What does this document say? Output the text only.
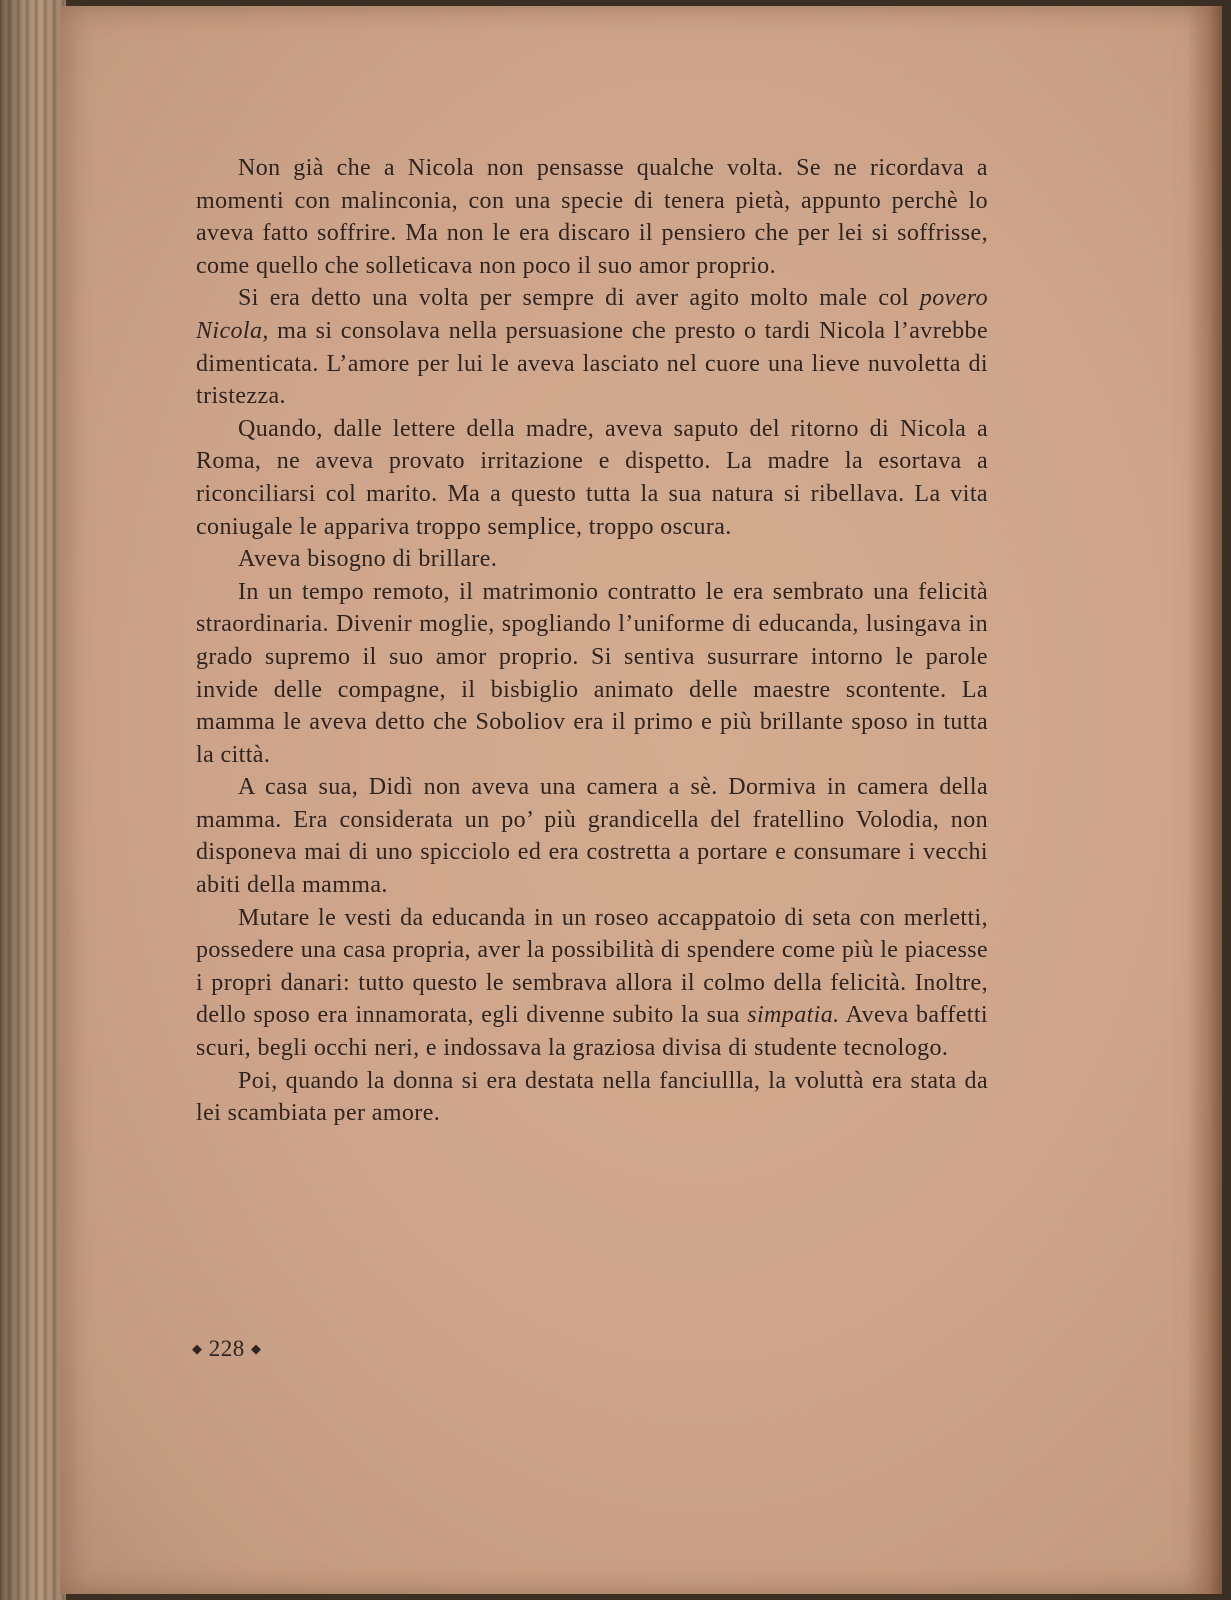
Non già che a Nicola non pensasse qualche volta. Se ne ricordava a momenti con malinconia, con una specie di tenera pietà, appunto perchè lo aveva fatto soffrire. Ma non le era discaro il pensiero che per lei si soffrisse, come quello che solleticava non poco il suo amor proprio.

Si era detto una volta per sempre di aver agito molto male col povero Nicola, ma si consolava nella persuasione che presto o tardi Nicola l’avrebbe dimenticata. L’amore per lui le aveva lasciato nel cuore una lieve nuvoletta di tristezza.

Quando, dalle lettere della madre, aveva saputo del ritorno di Nicola a Roma, ne aveva provato irritazione e dispetto. La madre la esortava a riconciliarsi col marito. Ma a questo tutta la sua natura si ribellava. La vita coniugale le appariva troppo semplice, troppo oscura.

Aveva bisogno di brillare.

In un tempo remoto, il matrimonio contratto le era sembrato una felicità straordinaria. Divenir moglie, spogliando l’uniforme di educanda, lusingava in grado supremo il suo amor proprio. Si sentiva susurrare intorno le parole invide delle compagne, il bisbiglio animato delle maestre scontente. La mamma le aveva detto che Soboliov era il primo e più brillante sposo in tutta la città.

A casa sua, Didì non aveva una camera a sè. Dormiva in camera della mamma. Era considerata un po’ più grandicella del fratellino Volodia, non disponeva mai di uno spicciolo ed era costretta a portare e consumare i vecchi abiti della mamma.

Mutare le vesti da educanda in un roseo accappatoio di seta con merletti, possedere una casa propria, aver la possibilità di spendere come più le piacesse i propri danari: tutto questo le sembrava allora il colmo della felicità. Inoltre, dello sposo era innamorata, egli divenne subito la sua simpatia. Aveva baffetti scuri, begli occhi neri, e indossava la graziosa divisa di studente tecnologo.

Poi, quando la donna si era destata nella fanciullla, la voluttà era stata da lei scambiata per amore.

◆ 228 ◆
